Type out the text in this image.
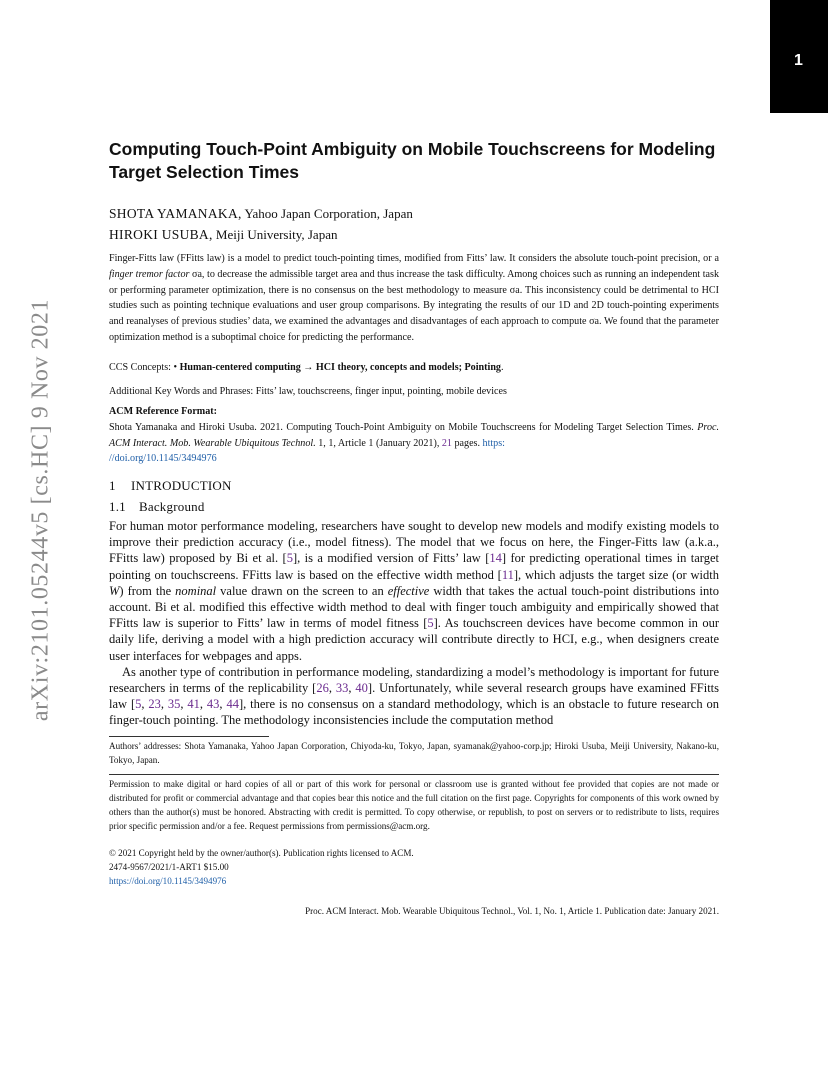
1
arXiv:2101.05244v5 [cs.HC] 9 Nov 2021
Computing Touch-Point Ambiguity on Mobile Touchscreens for Modeling Target Selection Times
SHOTA YAMANAKA, Yahoo Japan Corporation, Japan
HIROKI USUBA, Meiji University, Japan
Finger-Fitts law (FFitts law) is a model to predict touch-pointing times, modified from Fitts’ law. It considers the absolute touch-point precision, or a finger tremor factor σa, to decrease the admissible target area and thus increase the task difficulty. Among choices such as running an independent task or performing parameter optimization, there is no consensus on the best methodology to measure σa. This inconsistency could be detrimental to HCI studies such as pointing technique evaluations and user group comparisons. By integrating the results of our 1D and 2D touch-pointing experiments and reanalyses of previous studies’ data, we examined the advantages and disadvantages of each approach to compute σa. We found that the parameter optimization method is a suboptimal choice for predicting the performance.
CCS Concepts: • Human-centered computing → HCI theory, concepts and models; Pointing.
Additional Key Words and Phrases: Fitts’ law, touchscreens, finger input, pointing, mobile devices
ACM Reference Format:
Shota Yamanaka and Hiroki Usuba. 2021. Computing Touch-Point Ambiguity on Mobile Touchscreens for Modeling Target Selection Times. Proc. ACM Interact. Mob. Wearable Ubiquitous Technol. 1, 1, Article 1 (January 2021), 21 pages. https:
//doi.org/10.1145/3494976
1 INTRODUCTION
1.1 Background

For human motor performance modeling, researchers have sought to develop new models and modify existing models to improve their prediction accuracy (i.e., model fitness). The model that we focus on here, the Finger-Fitts law (a.k.a., FFitts law) proposed by Bi et al. [5], is a modified version of Fitts’ law [14] for predicting operational times in target pointing on touchscreens. FFitts law is based on the effective width method [11], which adjusts the target size (or width W) from the nominal value drawn on the screen to an effective width that takes the actual touch-point distributions into account. Bi et al. modified this effective width method to deal with finger touch ambiguity and empirically showed that FFitts law is superior to Fitts’ law in terms of model fitness [5]. As touchscreen devices have become common in our daily life, deriving a model with a high prediction accuracy will contribute directly to HCI, e.g., when designers create user interfaces for webpages and apps.

As another type of contribution in performance modeling, standardizing a model’s methodology is important for future researchers in terms of the replicability [26, 33, 40]. Unfortunately, while several research groups have examined FFitts law [5, 23, 35, 41, 43, 44], there is no consensus on a standard methodology, which is an obstacle to future research on finger-touch pointing. The methodology inconsistencies include the computation method

Authors’ addresses: Shota Yamanaka, Yahoo Japan Corporation, Chiyoda-ku, Tokyo, Japan, syamanak@yahoo-corp.jp; Hiroki Usuba, Meiji University, Nakano-ku, Tokyo, Japan.
Permission to make digital or hard copies of all or part of this work for personal or classroom use is granted without fee provided that copies are not made or distributed for profit or commercial advantage and that copies bear this notice and the full citation on the first page. Copyrights for components of this work owned by others than the author(s) must be honored. Abstracting with credit is permitted. To copy otherwise, or republish, to post on servers or to redistribute to lists, requires prior specific permission and/or a fee. Request permissions from permissions@acm.org.
© 2021 Copyright held by the owner/author(s). Publication rights licensed to ACM.
2474-9567/2021/1-ART1 $15.00
https://doi.org/10.1145/3494976
Proc. ACM Interact. Mob. Wearable Ubiquitous Technol., Vol. 1, No. 1, Article 1. Publication date: January 2021.
